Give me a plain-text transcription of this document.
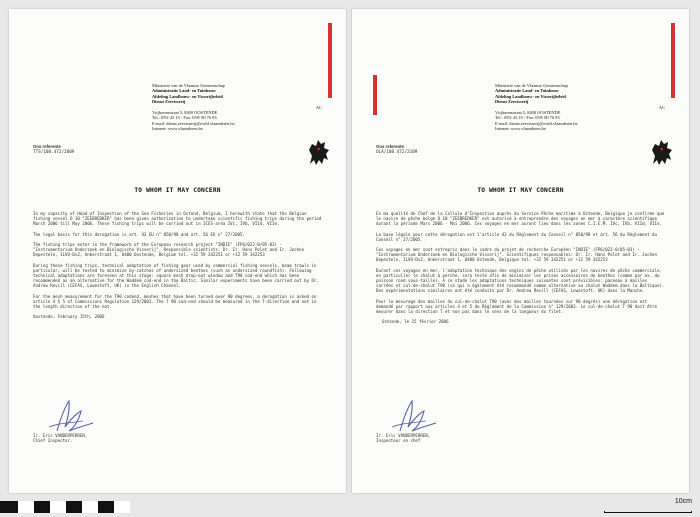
Ministerie van de Vlaamse Gemeenschap
Administratie Land- en Tuinbouw
Afdeling Landbouw- en Visserijbeleid
Dienst Zeevisserij
AC
Vrijhavenstraat 5, 8400 OOSTENDE
Tel.: 059/ 43 19 - Fax: 059/ 80 76 93
E-mail: dienst.zeevisserij@ewbl.vlaanderen.be
Internet: www.vlaanderen.be
Ons referente
TTS/10B.472/2009
TO WHOM IT MAY CONCERN

In my capacity of Head of Inspection of the Sea Fisheries in Ostend, Belgium, I herewith state that the Belgian fishing vessel O 10 "ZEEBREDKER" has been given authorization to undertake scientific fishing trips during the period March 2006 till May 2006. These fishing trips will be carried out in ICES-area IVc, IVb, VIId, VIIe.

The legal basis for this derogation is art. 43 EU n° 850/98 and art. 56 EU n° 27/2005.

The fishing trips enter in the framework of the European research project "INDIE" (FP6/022-0/05-03) - "Instrumentarium Onderzoek en Biologische Visserij". Responsible scientists: Dr. Ir. Hans Polet and Ir. Jochen Depestele, ILVO-DvZ, Ankerstraat 1, 8400 Oostende, Belgium tel. +32 59 342251 or +32 59 342253

During these fishing trips, technical adaptation of fishing gear used by commercial fishing vessels, beam trawls in particular, will be tested to minimize by-catches of undersized benthos (such as undersized roundfish). Following technical adaptations are foreseen at this stage: square mesh drop-out window and T90 cod-end which has been recommended as an alternative for the Waddem cod-end in the Baltic. Similar experiments have been carried out by Dr. Andrew Revill (CEFAS, Lowestoft, UK) in the English Channel.

For the mesh measurement for the T90 codend, meshes that have been turned over 90 degrees, a derogation is asked on article 4 § 5 of Commissions Regulation 129/2003. The T 90 cod-end should be measured in the T-direction and not in the length direction of the net.

Oostende, February 15th, 2006
Ir. Eric VANDERPERREN,
Chief Inspector.
Ministerie van de Vlaamse Gemeenschap
Administratie Land- en Tuinbouw
Afdeling Landbouw- en Visserijbeleid
Dienst Zeevisserij
AC
Vrijhavenstraat 5, 8400 OOSTENDE
Tel.: 059/ 43 19 - Fax: 059/ 80 76 93
E-mail: dienst.zeevisserij@ewbl.vlaanderen.be
Internet: www.vlaanderen.be
Ons referente
OLA/10B.472/2109
TO WHOM IT MAY CONCERN

En ma qualité de Chef de la Cellule d'Inspection auprès du Service Pêche maritime à Ostende, Belgique je confirme que le navire de pêche belge O 10 "ZEEBREDKER" est autorisé à entreprendre des voyages en mer à caractère scientifique durant la période Mars 2006 - Mai 2006. Ces voyages en mer auront lieu dans les zones C.I.E.M. IVc, IVb, VIId, VIIe.

La base légale pour cette dérogation est l'article 43 du Règlement du Conseil n° 850/98 et art. 56 du Règlement du Conseil n° 27/2005.

Ces voyages en mer sont entrepris dans le cadre du projet de recherche Européen "INDIE" (FP6/022-0/05-03) - "Instrumentarium Onderzoek en Biologische Visserij". Scientifiques responsables: Dr. Ir. Hans Polet and Ir. Jochen Depestele, ILVO-DvZ, Ankerstraat 1, 8400 Ostende, Belgique tel. +32 59 342251 or +32 59 342253

Durant ces voyages en mer, l'adaptation technique des engins de pêche utilisés par les navires de pêche commerciale, en particulier le chalut à perche, sera testé afin de minimiser les prises accessoires de benthos (comme par ex. du poisson rond sous-taille). A ce stade les adaptations techniques suivantes sont prévisibles: panneau à mailles carrées et cul-de-chalut T90 (ce qui a également été recommandé comme alternative au chalut Waddem dans la Baltique). Des expérimentations similaires ont été conduits par Dr. Andrew Revill (CEFAS, Lowestoft, UK) dans la Manche.

Pour le mesurage des mailles du cul-de-chalut T90 (avec des mailles tournées sur 90 degrés) une dérogation est demandé par rapport aux articles 4 et 5 du Règlement de la Commission n° 129/2003. Le cul-de-chalut T 90 doit être mesurer dans la direction T et non pas dans le sens de la longueur du filet.

Ostende, le 15 février 2006
Ir. Eric VANDERPERREN,
Inspecteur en chef
10cm
